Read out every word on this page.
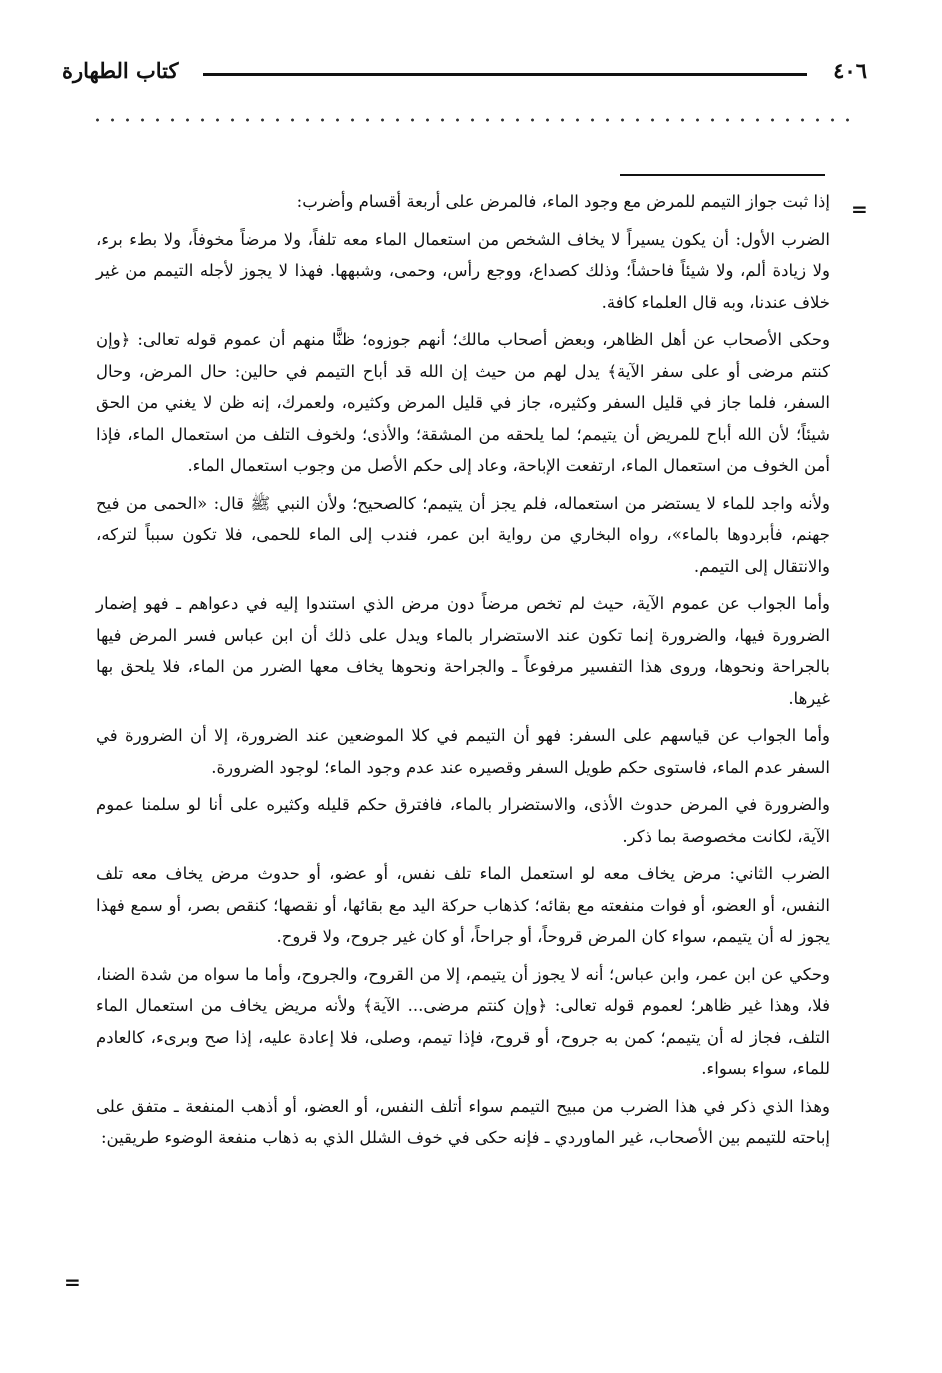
٤٠٦
كتاب الطهارة
=

إذا ثبت جواز التيمم للمرض مع وجود الماء، فالمرض على أربعة أقسام وأضرب:

الضرب الأول: أن يكون يسيراً لا يخاف الشخص من استعمال الماء معه تلفاً، ولا مرضاً مخوفاً، ولا بطء برء، ولا زيادة ألم، ولا شيئاً فاحشاً؛ وذلك كصداع، ووجع رأس، وحمى، وشبهها. فهذا لا يجوز لأجله التيمم من غير خلاف عندنا، وبه قال العلماء كافة.

وحكى الأصحاب عن أهل الظاهر، وبعض أصحاب مالك؛ أنهم جوزوه؛ ظنًّا منهم أن عموم قوله تعالى: ﴿وإن كنتم مرضى أو على سفر الآية﴾ يدل لهم من حيث إن الله قد أباح التيمم في حالين: حال المرض، وحال السفر، فلما جاز في قليل السفر وكثيره، جاز في قليل المرض وكثيره، ولعمرك، إنه ظن لا يغني من الحق شيئاً؛ لأن الله أباح للمريض أن يتيمم؛ لما يلحقه من المشقة؛ والأذى؛ ولخوف التلف من استعمال الماء، فإذا أمن الخوف من استعمال الماء، ارتفعت الإباحة، وعاد إلى حكم الأصل من وجوب استعمال الماء.

ولأنه واجد للماء لا يستضر من استعماله، فلم يجز أن يتيمم؛ كالصحيح؛ ولأن النبي ﷺ قال: «الحمى من فيح جهنم، فأبردوها بالماء»، رواه البخاري من رواية ابن عمر، فندب إلى الماء للحمى، فلا تكون سبباً لتركه، والانتقال إلى التيمم.

وأما الجواب عن عموم الآية، حيث لم تخص مرضاً دون مرض الذي استندوا إليه في دعواهم ـ فهو إضمار الضرورة فيها، والضرورة إنما تكون عند الاستضرار بالماء ويدل على ذلك أن ابن عباس فسر المرض فيها بالجراحة ونحوها، وروى هذا التفسير مرفوعاً ـ والجراحة ونحوها يخاف معها الضرر من الماء، فلا يلحق بها غيرها.

وأما الجواب عن قياسهم على السفر: فهو أن التيمم في كلا الموضعين عند الضرورة، إلا أن الضرورة في السفر عدم الماء، فاستوى حكم طويل السفر وقصيره عند عدم وجود الماء؛ لوجود الضرورة.

والضرورة في المرض حدوث الأذى، والاستضرار بالماء، فافترق حكم قليله وكثيره على أنا لو سلمنا عموم الآية، لكانت مخصوصة بما ذكر.

الضرب الثاني: مرض يخاف معه لو استعمل الماء تلف نفس، أو عضو، أو حدوث مرض يخاف معه تلف النفس، أو العضو، أو فوات منفعته مع بقائه؛ كذهاب حركة اليد مع بقائها، أو نقصها؛ كنقص بصر، أو سمع فهذا يجوز له أن يتيمم، سواء كان المرض قروحاً، أو جراحاً، أو كان غير جروح، ولا قروح.

وحكي عن ابن عمر، وابن عباس؛ أنه لا يجوز أن يتيمم، إلا من القروح، والجروح، وأما ما سواه من شدة الضنا، فلا، وهذا غير ظاهر؛ لعموم قوله تعالى: ﴿وإن كنتم مرضى... الآية﴾ ولأنه مريض يخاف من استعمال الماء التلف، فجاز له أن يتيمم؛ كمن به جروح، أو قروح، فإذا تيمم، وصلى، فلا إعادة عليه، إذا صح وبرىء، كالعادم للماء، سواء بسواء.

وهذا الذي ذكر في هذا الضرب من مبيح التيمم سواء أتلف النفس، أو العضو، أو أذهب المنفعة ـ متفق على إباحته للتيمم بين الأصحاب، غير الماوردي ـ فإنه حكى في خوف الشلل الذي به ذهاب منفعة الوضوء طريقين:

=
